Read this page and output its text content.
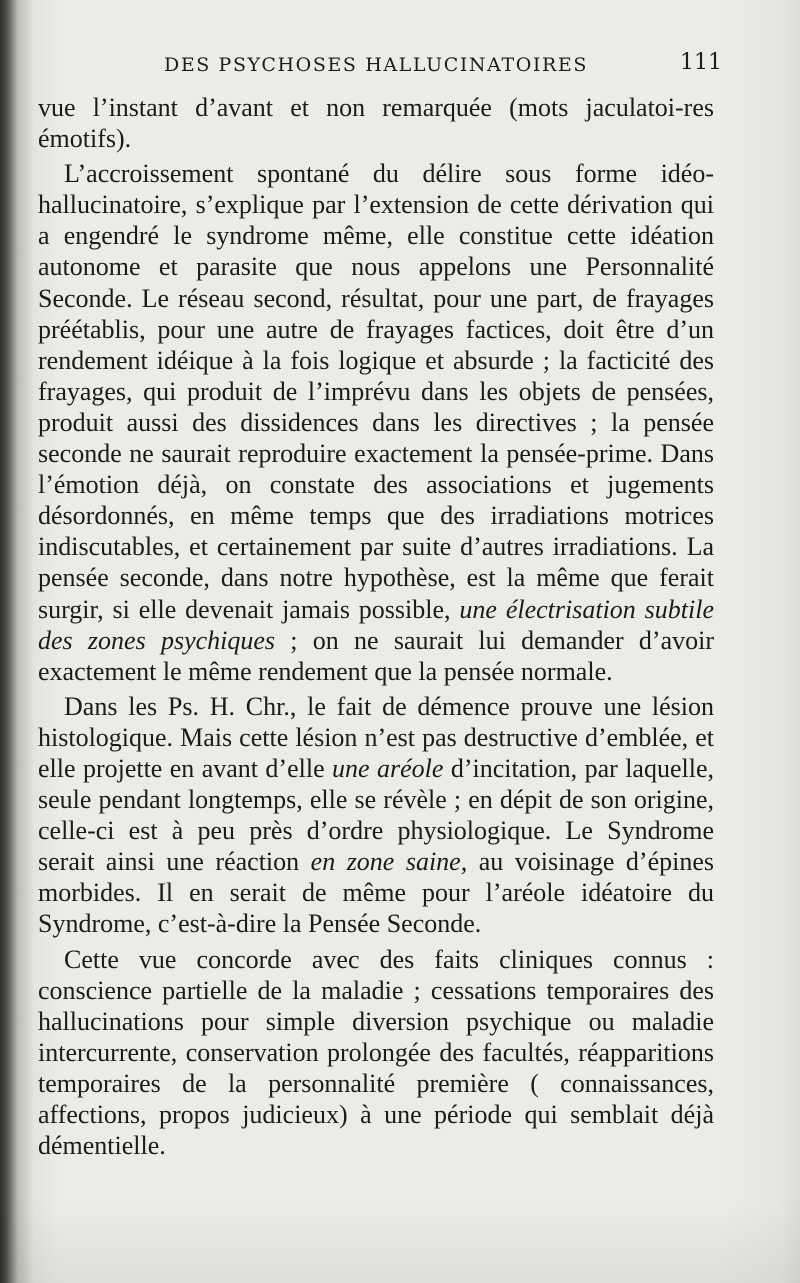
DES PSYCHOSES HALLUCINATOIRES	111

vue l’instant d’avant et non remarquée (mots jaculatoi-res émotifs).

L’accroissement spontané du délire sous forme idéo-hallucinatoire, s’explique par l’extension de cette dérivation qui a engendré le syndrome même, elle constitue cette idéation autonome et parasite que nous appelons une Personnalité Seconde. Le réseau second, résultat, pour une part, de frayages préétablis, pour une autre de frayages factices, doit être d’un rendement idéique à la fois logique et absurde ; la facticité des frayages, qui produit de l’imprévu dans les objets de pensées, produit aussi des dissidences dans les directives ; la pensée seconde ne saurait reproduire exactement la pensée-prime. Dans l’émotion déjà, on constate des associations et jugements désordonnés, en même temps que des irradiations motrices indiscutables, et certainement par suite d’autres irradiations. La pensée seconde, dans notre hypothèse, est la même que ferait surgir, si elle devenait jamais possible, une électrisation subtile des zones psychiques ; on ne saurait lui demander d’avoir exactement le même rendement que la pensée normale.

Dans les Ps. H. Chr., le fait de démence prouve une lésion histologique. Mais cette lésion n’est pas destructive d’emblée, et elle projette en avant d’elle une aréole d’incitation, par laquelle, seule pendant longtemps, elle se révèle ; en dépit de son origine, celle-ci est à peu près d’ordre physiologique. Le Syndrome serait ainsi une réaction en zone saine, au voisinage d’épines morbides. Il en serait de même pour l’aréole idéatoire du Syndrome, c’est-à-dire la Pensée Seconde.

Cette vue concorde avec des faits cliniques connus : conscience partielle de la maladie ; cessations temporaires des hallucinations pour simple diversion psychique ou maladie intercurrente, conservation prolongée des facultés, réapparitions temporaires de la personnalité première ( connaissances, affections, propos judicieux) à une période qui semblait déjà démentielle.
